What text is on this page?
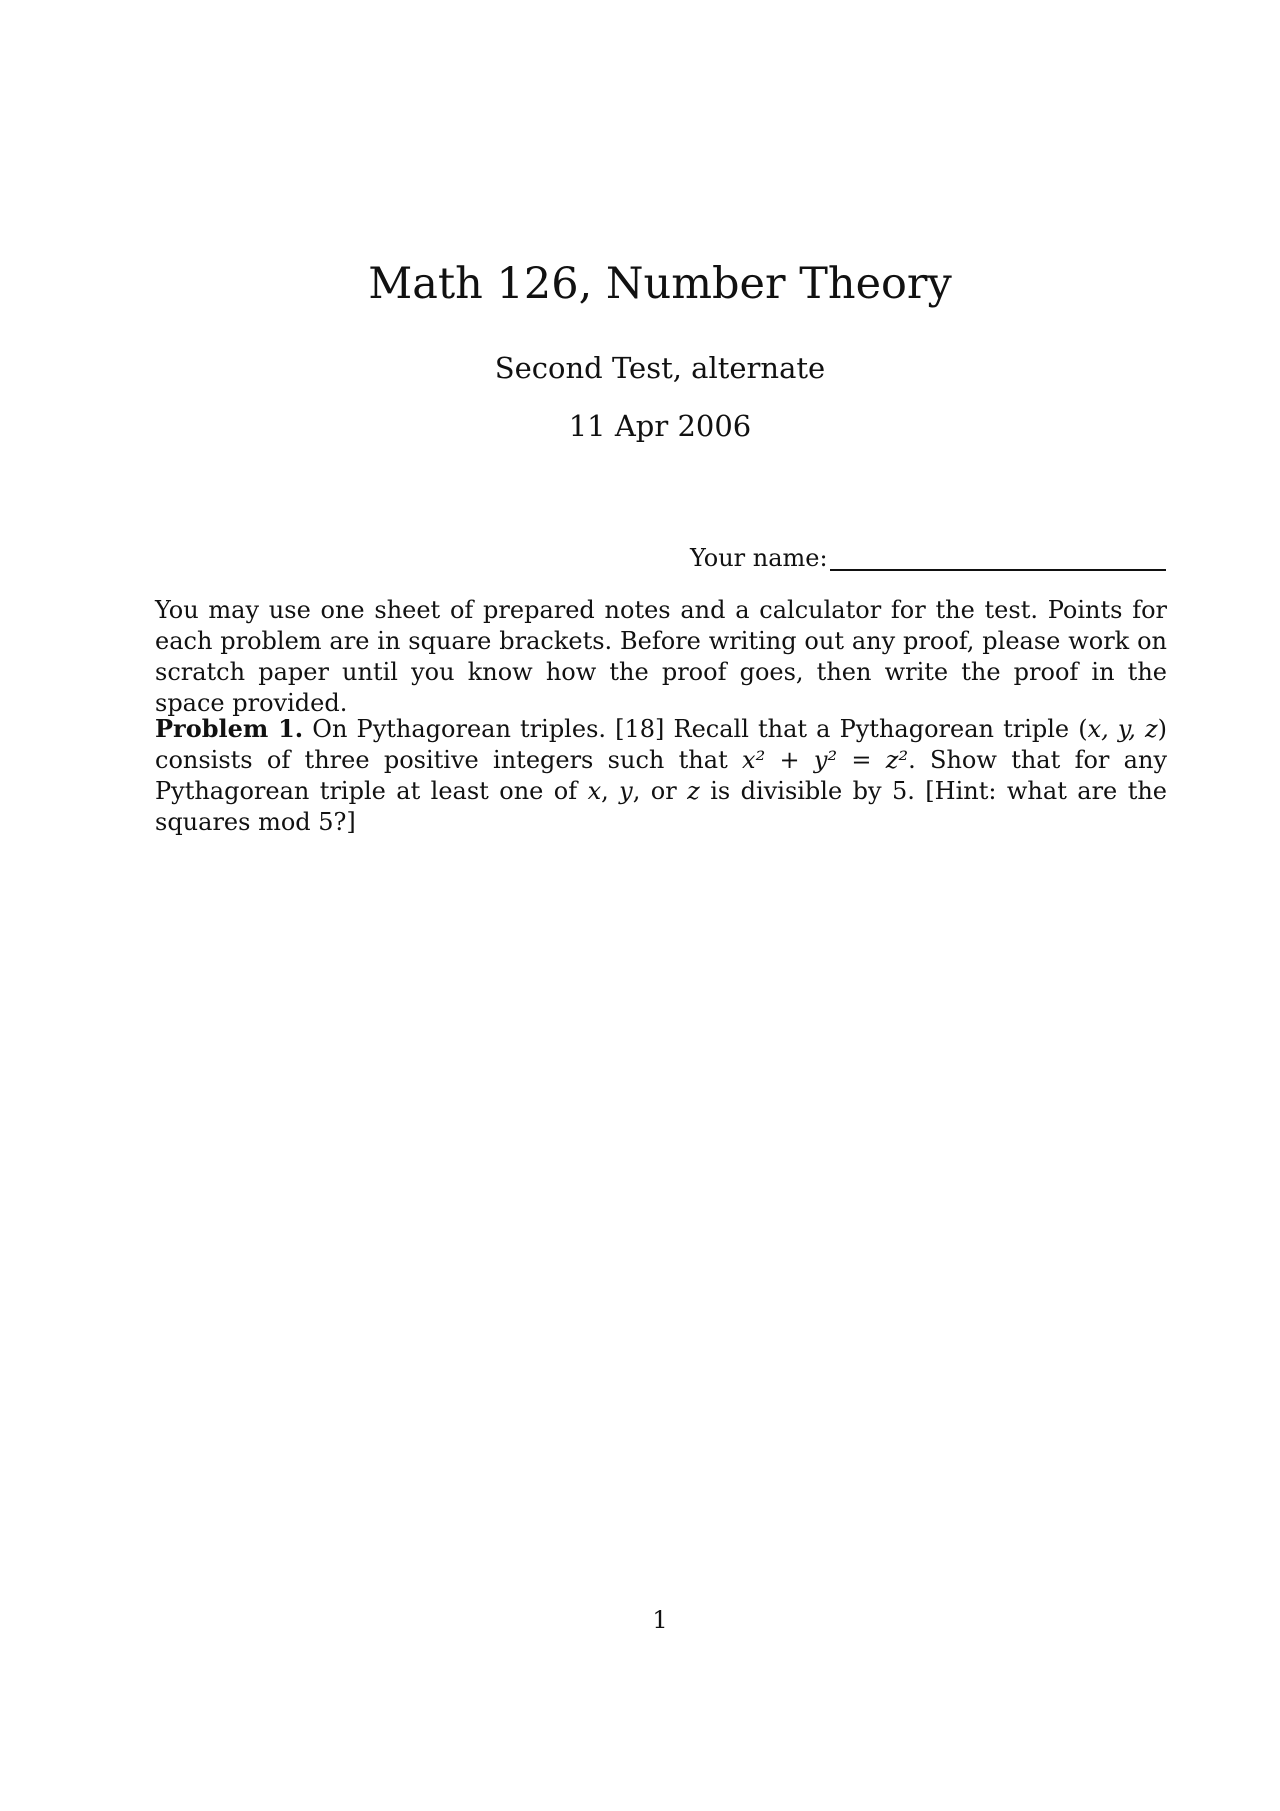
Math 126, Number Theory
Second Test, alternate
11 Apr 2006
Your name:
You may use one sheet of prepared notes and a calculator for the test. Points for each problem are in square brackets. Before writing out any proof, please work on scratch paper until you know how the proof goes, then write the proof in the space provided.
Problem 1. On Pythagorean triples. [18] Recall that a Pythagorean triple (x, y, z) consists of three positive integers such that x² + y² = z². Show that for any Pythagorean triple at least one of x, y, or z is divisible by 5. [Hint: what are the squares mod 5?]
1
